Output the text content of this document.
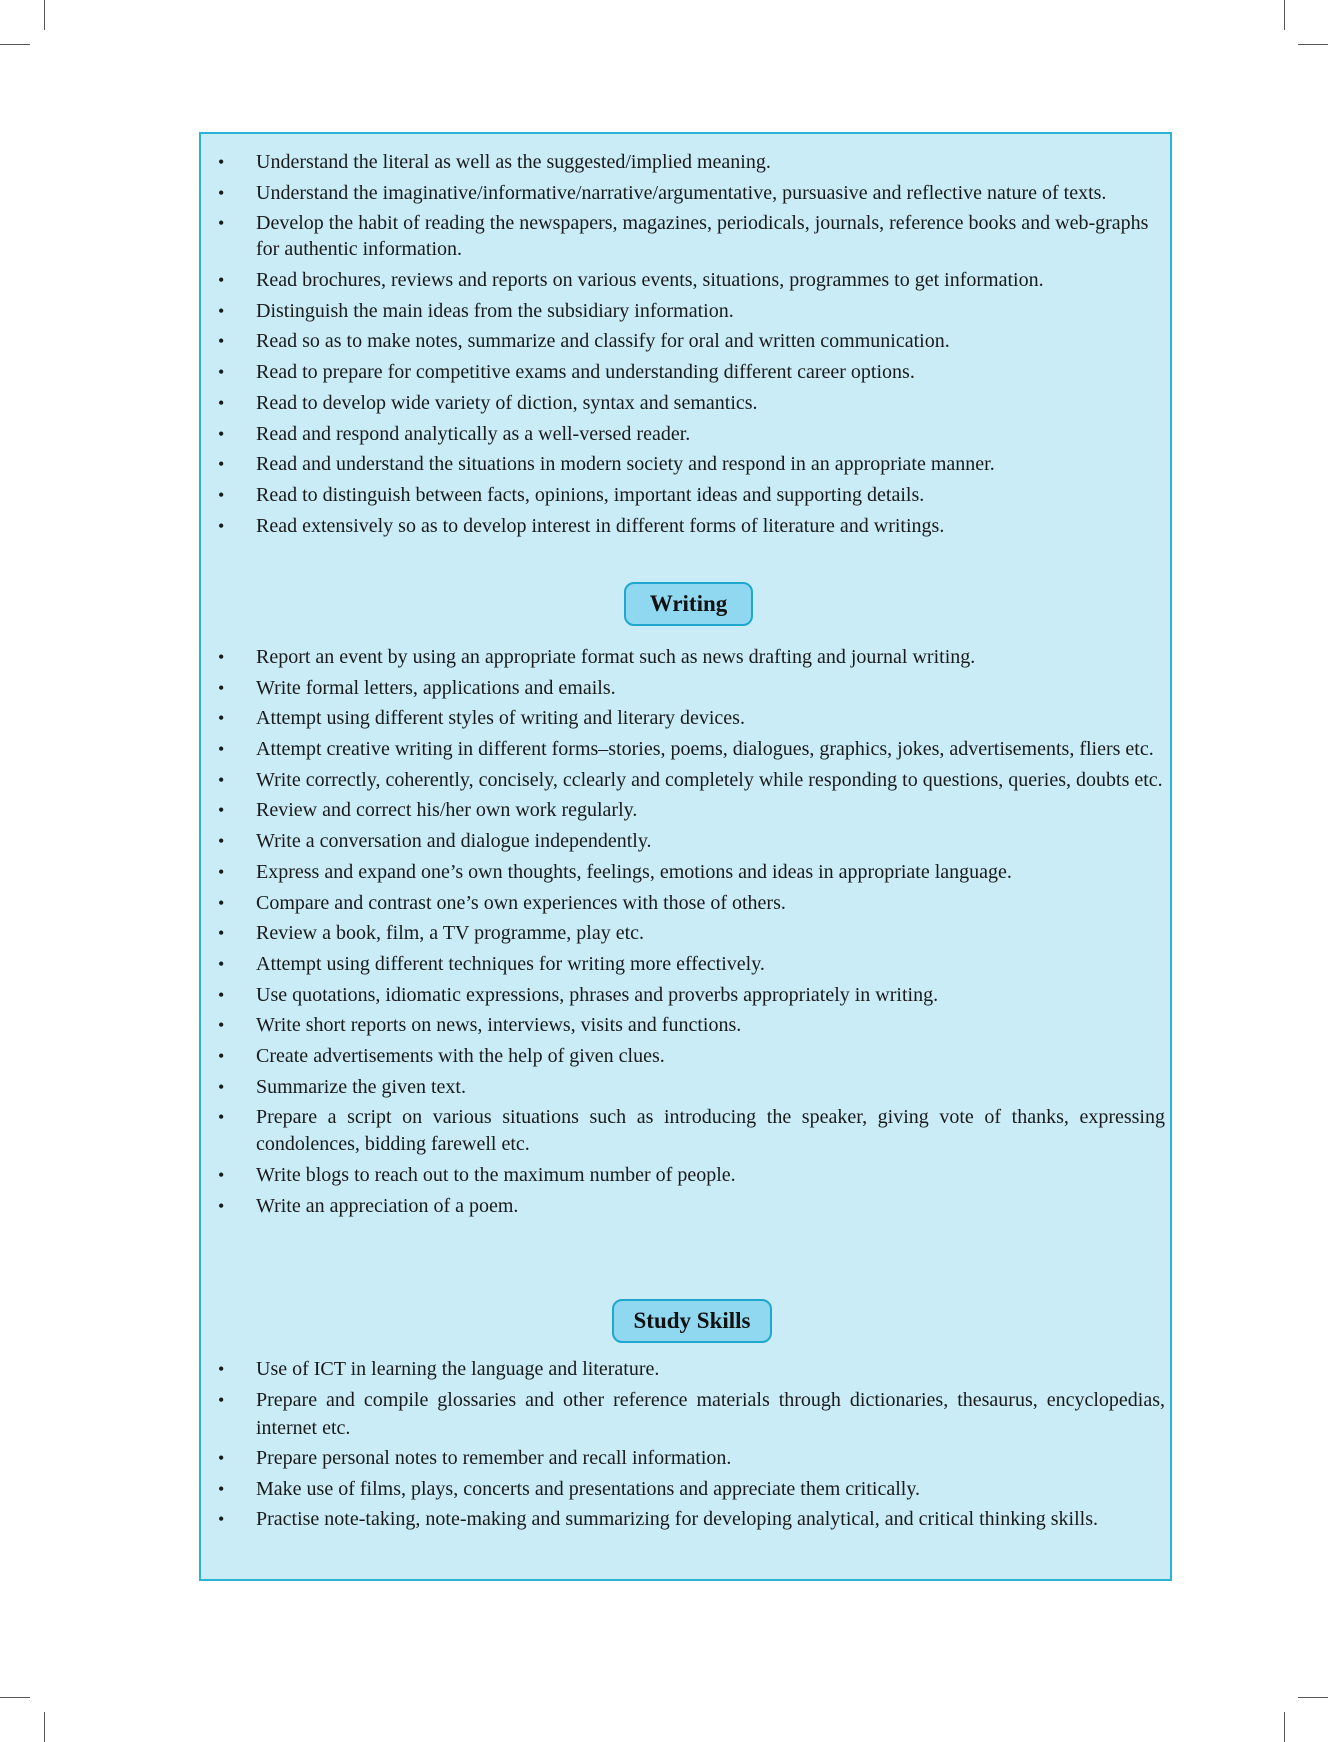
• Understand the literal as well as the suggested/implied meaning.
• Understand the imaginative/informative/narrative/argumentative, pursuasive and reflective nature of texts.
• Develop the habit of reading the newspapers, magazines, periodicals, journals, reference books and web-graphs for authentic information.
• Read brochures, reviews and reports on various events, situations, programmes to get information.
• Distinguish the main ideas from the subsidiary information.
• Read so as to make notes, summarize and classify for oral and written communication.
• Read to prepare for competitive exams and understanding different career options.
• Read to develop wide variety of diction, syntax and semantics.
• Read and respond analytically as a well-versed reader.
• Read and understand the situations in modern society and respond in an appropriate manner.
• Read to distinguish between facts, opinions, important ideas and supporting details.
• Read extensively so as to develop interest in different forms of literature and writings.
Writing
• Report an event by using an appropriate format such as news drafting and journal writing.
• Write formal letters, applications and emails.
• Attempt using different styles of writing and literary devices.
• Attempt creative writing in different forms–stories, poems, dialogues, graphics, jokes, advertisements, fliers etc.
• Write correctly, coherently, concisely, cclearly and completely while responding to questions, queries, doubts etc.
• Review and correct his/her own work regularly.
• Write a conversation and dialogue independently.
• Express and expand one’s own thoughts, feelings, emotions and ideas in appropriate language.
• Compare and contrast one’s own experiences with those of others.
• Review a book, film, a TV programme, play etc.
• Attempt using different techniques for writing more effectively.
• Use quotations, idiomatic expressions, phrases and proverbs appropriately in writing.
• Write short reports on news, interviews, visits and functions.
• Create advertisements with the help of given clues.
• Summarize the given text.
• Prepare a script on various situations such as introducing the speaker, giving vote of thanks, expressing condolences, bidding farewell etc.
• Write blogs to reach out to the maximum number of people.
• Write an appreciation of a poem.
Study Skills
• Use of ICT in learning the language and literature.
• Prepare and compile glossaries and other reference materials through dictionaries, thesaurus, encyclopedias, internet etc.
• Prepare personal notes to remember and recall information.
• Make use of films, plays, concerts and presentations and appreciate them critically.
• Practise note-taking, note-making and summarizing for developing analytical, and critical thinking skills.
